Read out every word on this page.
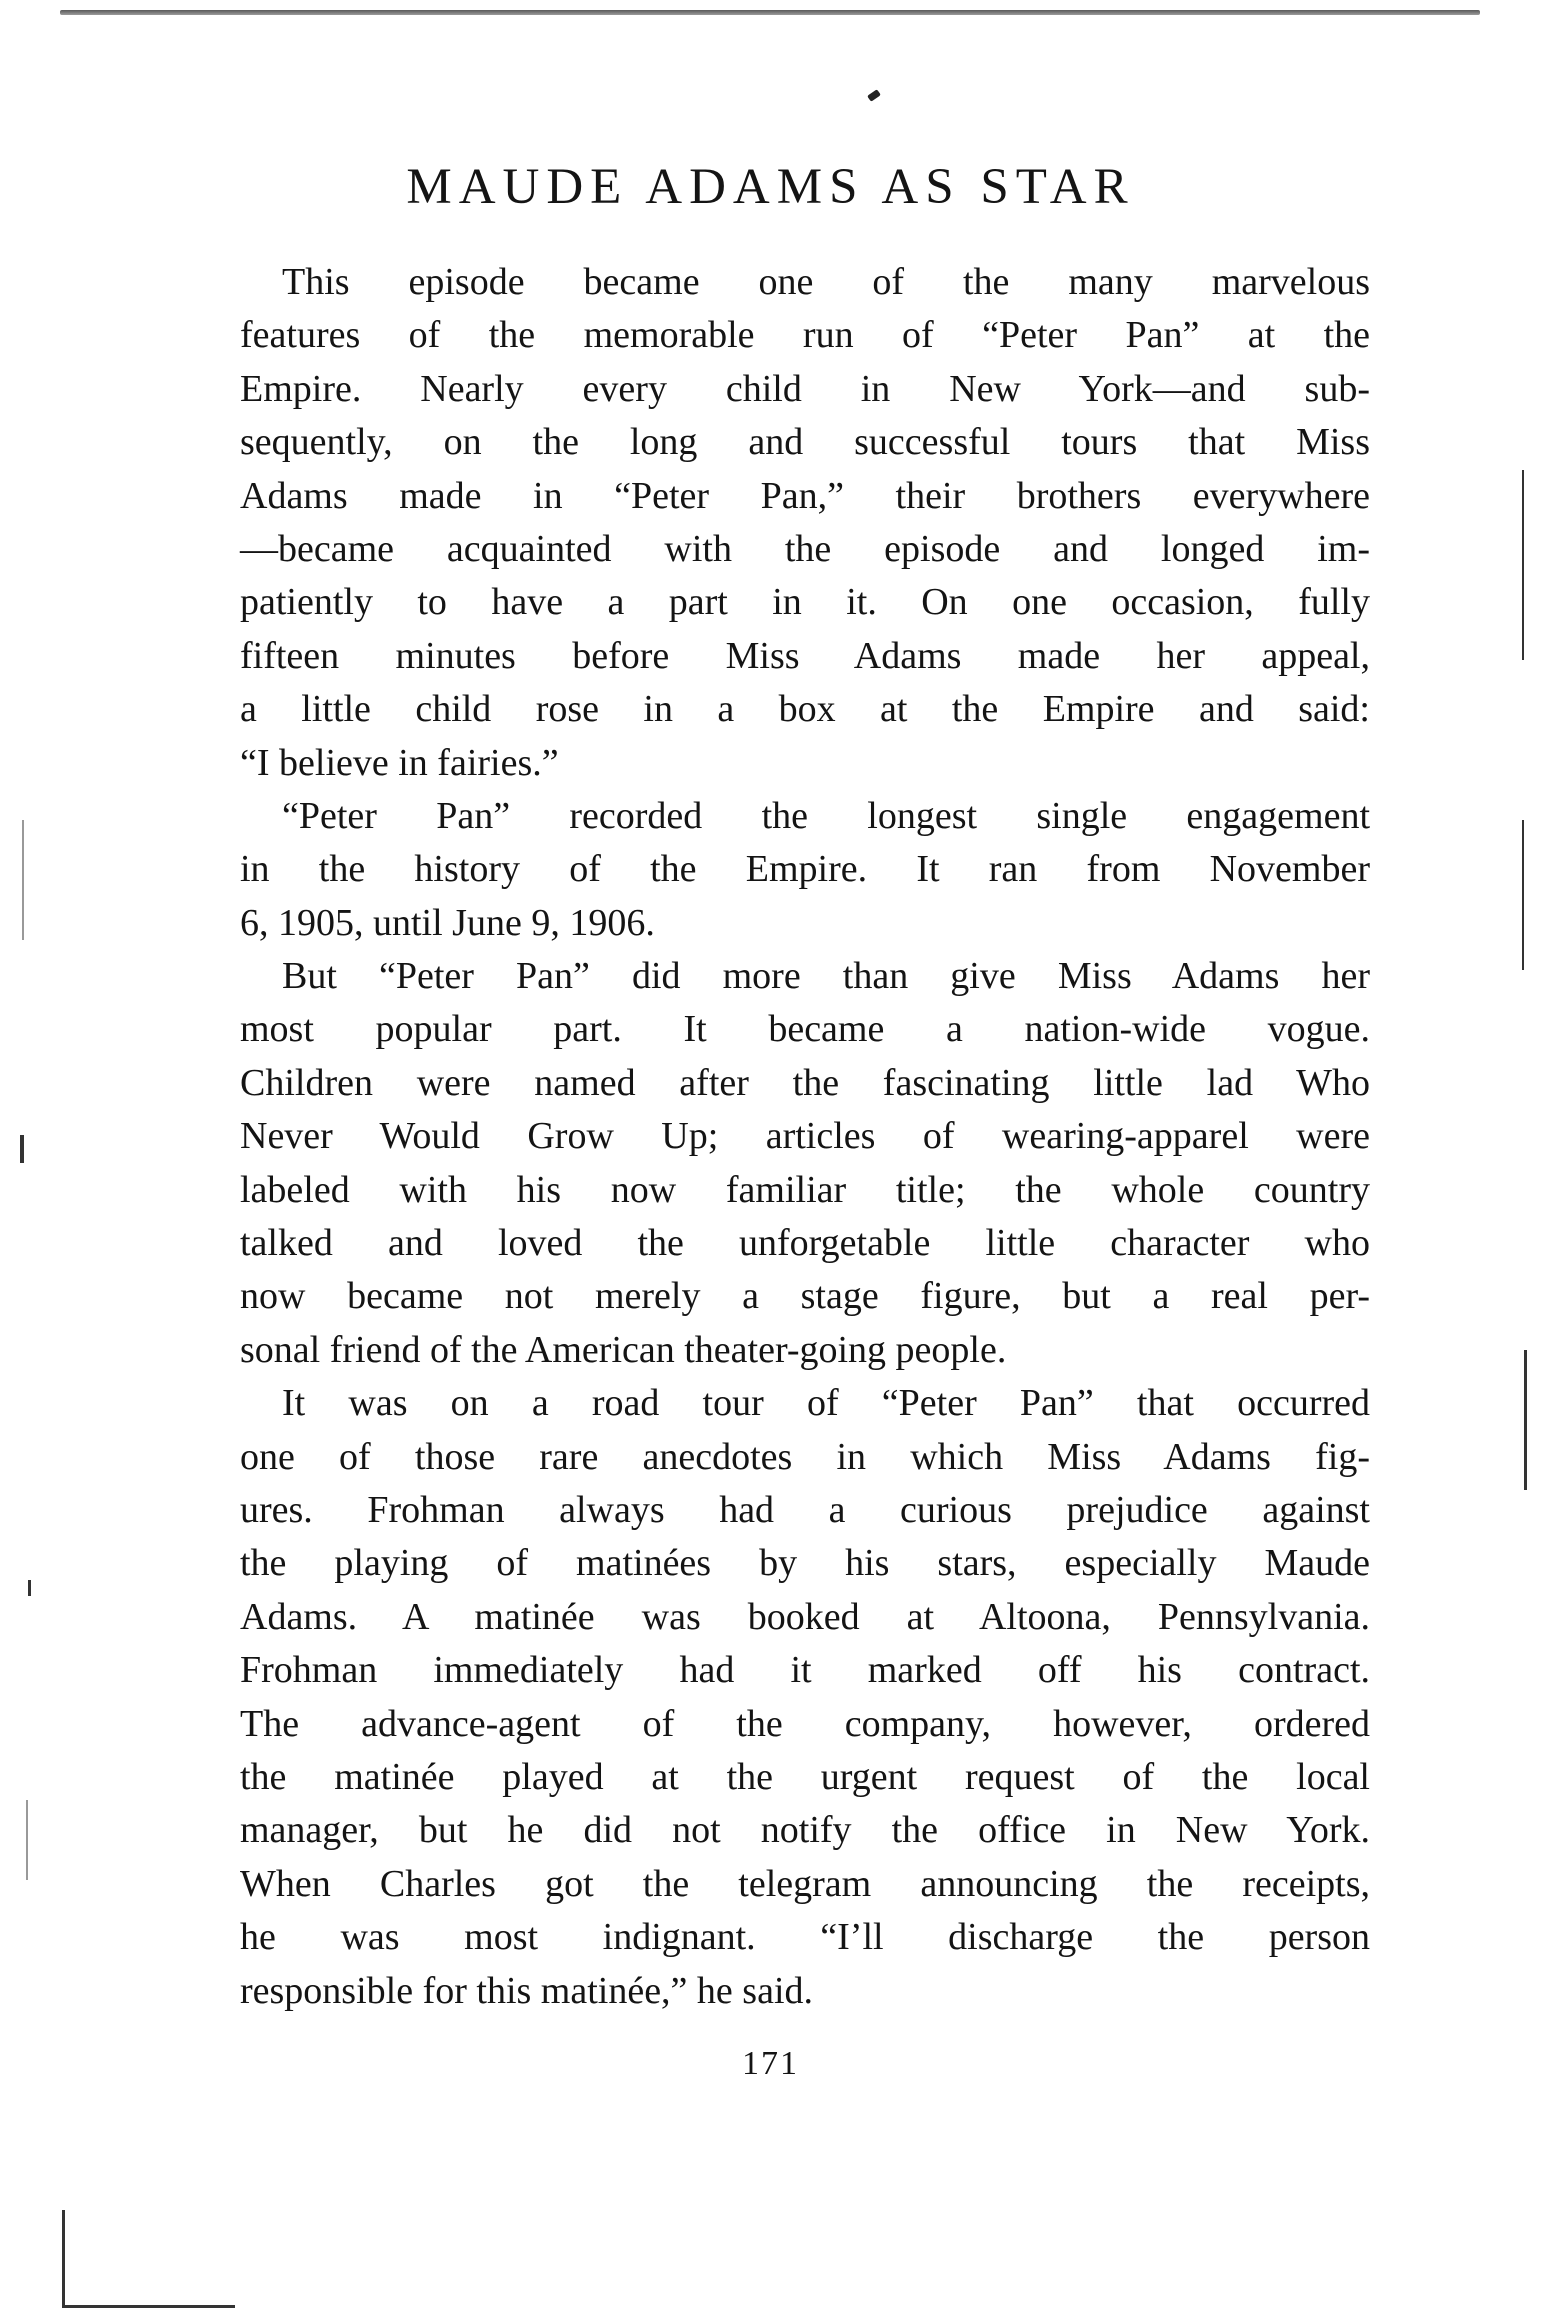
MAUDE ADAMS AS STAR
This episode became one of the many marvelous
features of the memorable run of “Peter Pan” at the
Empire. Nearly every child in New York—and sub-
sequently, on the long and successful tours that Miss
Adams made in “Peter Pan,” their brothers everywhere
—became acquainted with the episode and longed im-
patiently to have a part in it. On one occasion, fully
fifteen minutes before Miss Adams made her appeal,
a little child rose in a box at the Empire and said:
“I believe in fairies.”
“Peter Pan” recorded the longest single engagement
in the history of the Empire. It ran from November
6, 1905, until June 9, 1906.
But “Peter Pan” did more than give Miss Adams her
most popular part. It became a nation-wide vogue.
Children were named after the fascinating little lad Who
Never Would Grow Up; articles of wearing-apparel were
labeled with his now familiar title; the whole country
talked and loved the unforgetable little character who
now became not merely a stage figure, but a real per-
sonal friend of the American theater-going people.
It was on a road tour of “Peter Pan” that occurred
one of those rare anecdotes in which Miss Adams fig-
ures. Frohman always had a curious prejudice against
the playing of matinées by his stars, especially Maude
Adams. A matinée was booked at Altoona, Pennsylvania.
Frohman immediately had it marked off his contract.
The advance-agent of the company, however, ordered
the matinée played at the urgent request of the local
manager, but he did not notify the office in New York.
When Charles got the telegram announcing the receipts,
he was most indignant. “I’ll discharge the person
responsible for this matinée,” he said.
171
